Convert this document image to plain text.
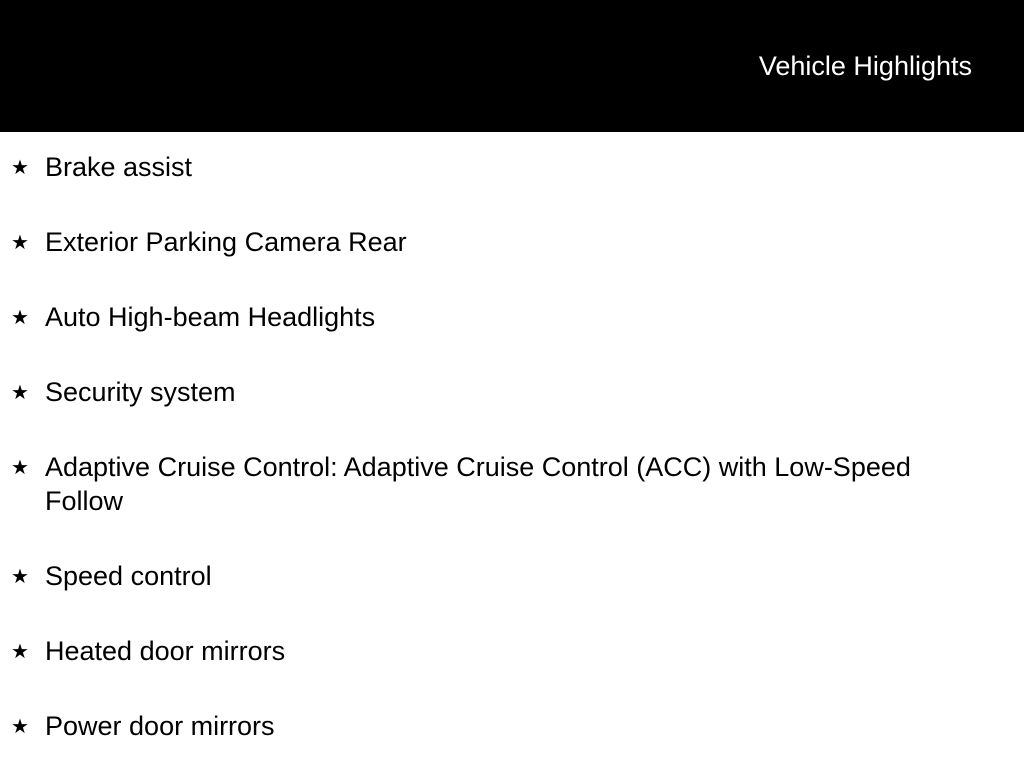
Vehicle Highlights
★ Brake assist
★ Exterior Parking Camera Rear
★ Auto High-beam Headlights
★ Security system
★ Adaptive Cruise Control: Adaptive Cruise Control (ACC) with Low-Speed Follow
★ Speed control
★ Heated door mirrors
★ Power door mirrors
